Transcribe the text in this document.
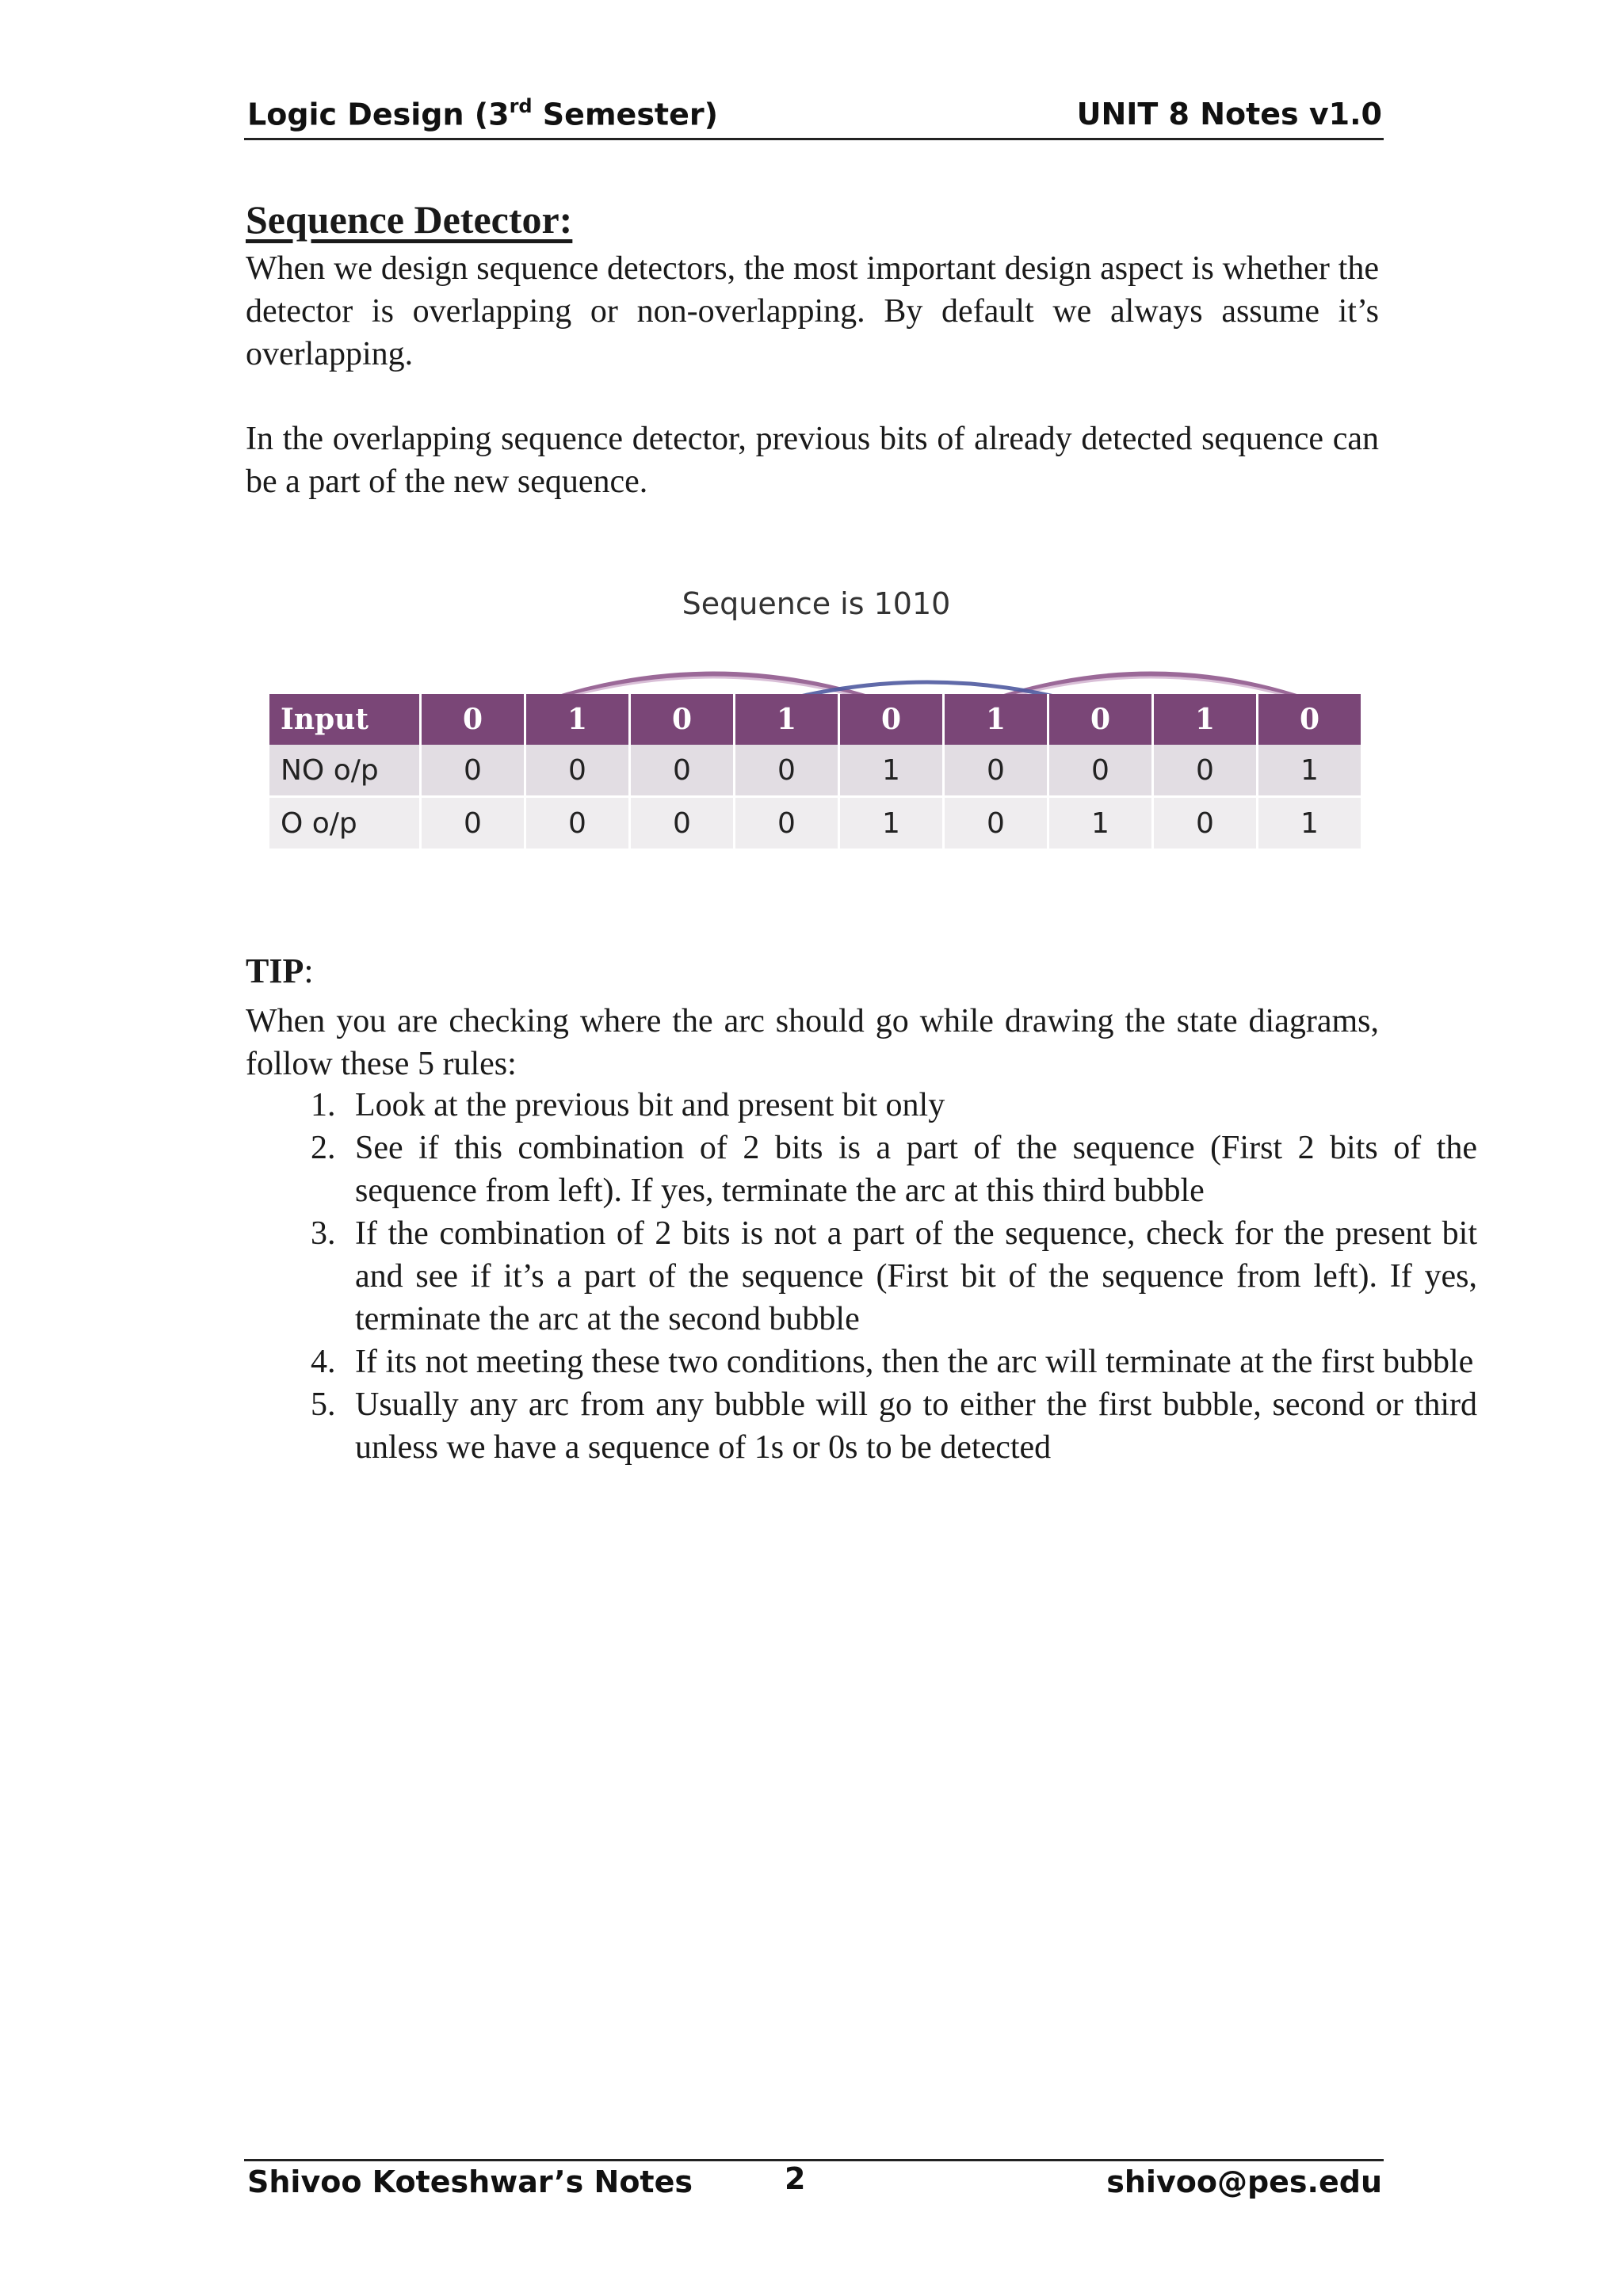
Logic Design (3rd Semester)	UNIT 8 Notes v1.0
Sequence Detector:
When we design sequence detectors, the most important design aspect is whether the detector is overlapping or non-overlapping. By default we always assume it’s overlapping.
In the overlapping sequence detector, previous bits of already detected sequence can be a part of the new sequence.
Sequence is 1010
Input	0	1	0	1	0	1	0	1	0
NO o/p	0	0	0	0	1	0	0	0	1
O o/p	0	0	0	0	1	0	1	0	1
TIP:
When you are checking where the arc should go while drawing the state diagrams, follow these 5 rules:
1. Look at the previous bit and present bit only
2. See if this combination of 2 bits is a part of the sequence (First 2 bits of the sequence from left). If yes, terminate the arc at this third bubble
3. If the combination of 2 bits is not a part of the sequence, check for the present bit and see if it’s a part of the sequence (First bit of the sequence from left). If yes, terminate the arc at the second bubble
4. If its not meeting these two conditions, then the arc will terminate at the first bubble
5. Usually any arc from any bubble will go to either the first bubble, second or third unless we have a sequence of 1s or 0s to be detected
Shivoo Koteshwar’s Notes	2	shivoo@pes.edu
